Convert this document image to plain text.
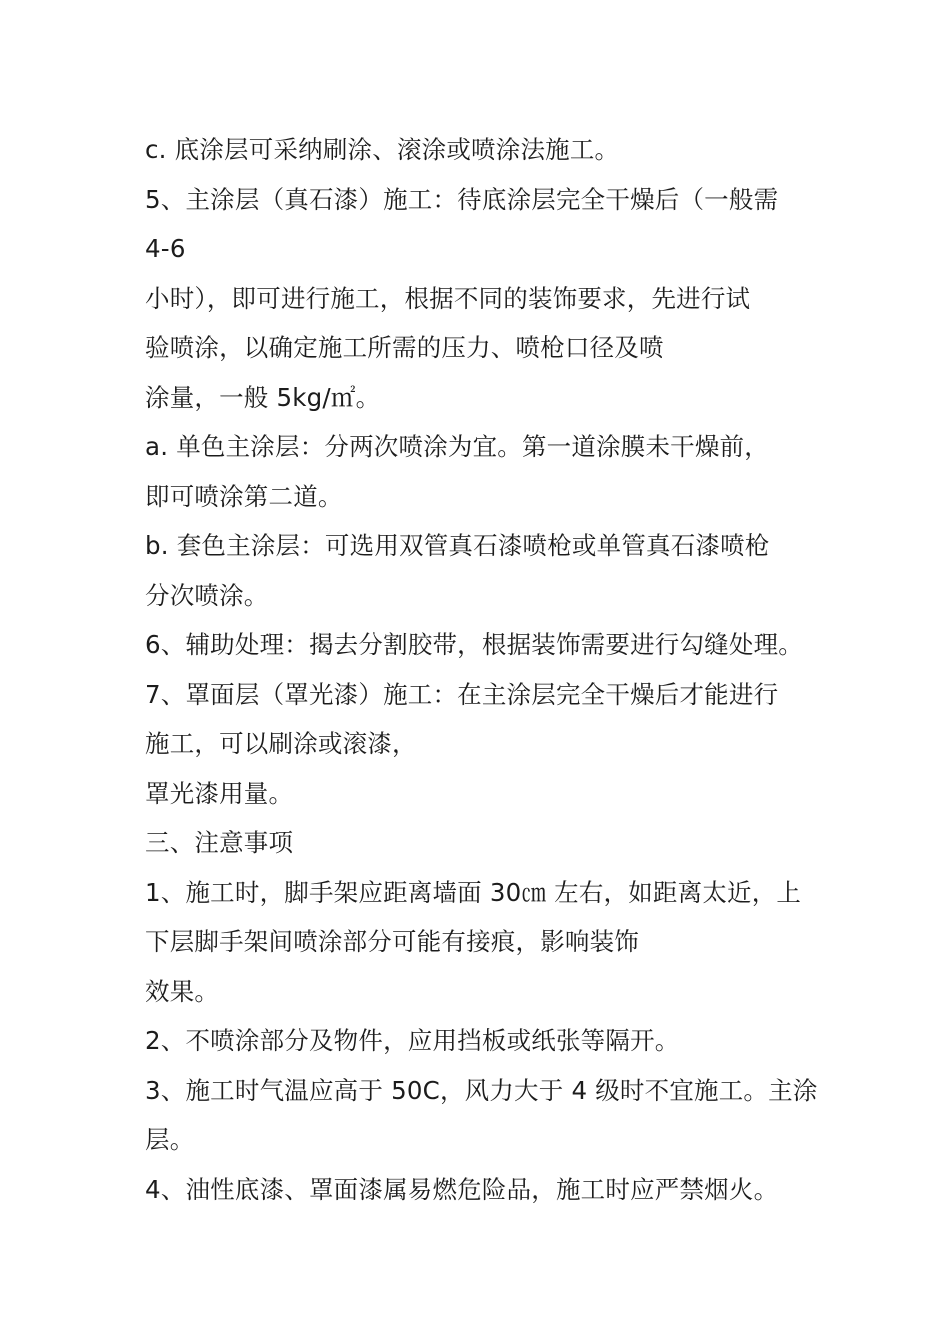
c. 底涂层可采纳刷涂、滚涂或喷涂法施工。
5、主涂层（真石漆）施工：待底涂层完全干燥后（一般需
4-6
小时），即可进行施工，根据不同的装饰要求，先进行试
验喷涂，以确定施工所需的压力、喷枪口径及喷
涂量，一般 5kg/㎡。
a. 单色主涂层：分两次喷涂为宜。第一道涂膜未干燥前，
即可喷涂第二道。
b. 套色主涂层：可选用双管真石漆喷枪或单管真石漆喷枪
分次喷涂。
6、辅助处理：揭去分割胶带，根据装饰需要进行勾缝处理。
7、罩面层（罩光漆）施工：在主涂层完全干燥后才能进行
施工，可以刷涂或滚漆，
罩光漆用量。
三、注意事项
1、施工时，脚手架应距离墙面 30㎝ 左右，如距离太近，上
下层脚手架间喷涂部分可能有接痕，影响装饰
效果。
2、不喷涂部分及物件，应用挡板或纸张等隔开。
3、施工时气温应高于 50C，风力大于 4 级时不宜施工。主涂
层。
4、油性底漆、罩面漆属易燃危险品，施工时应严禁烟火。
